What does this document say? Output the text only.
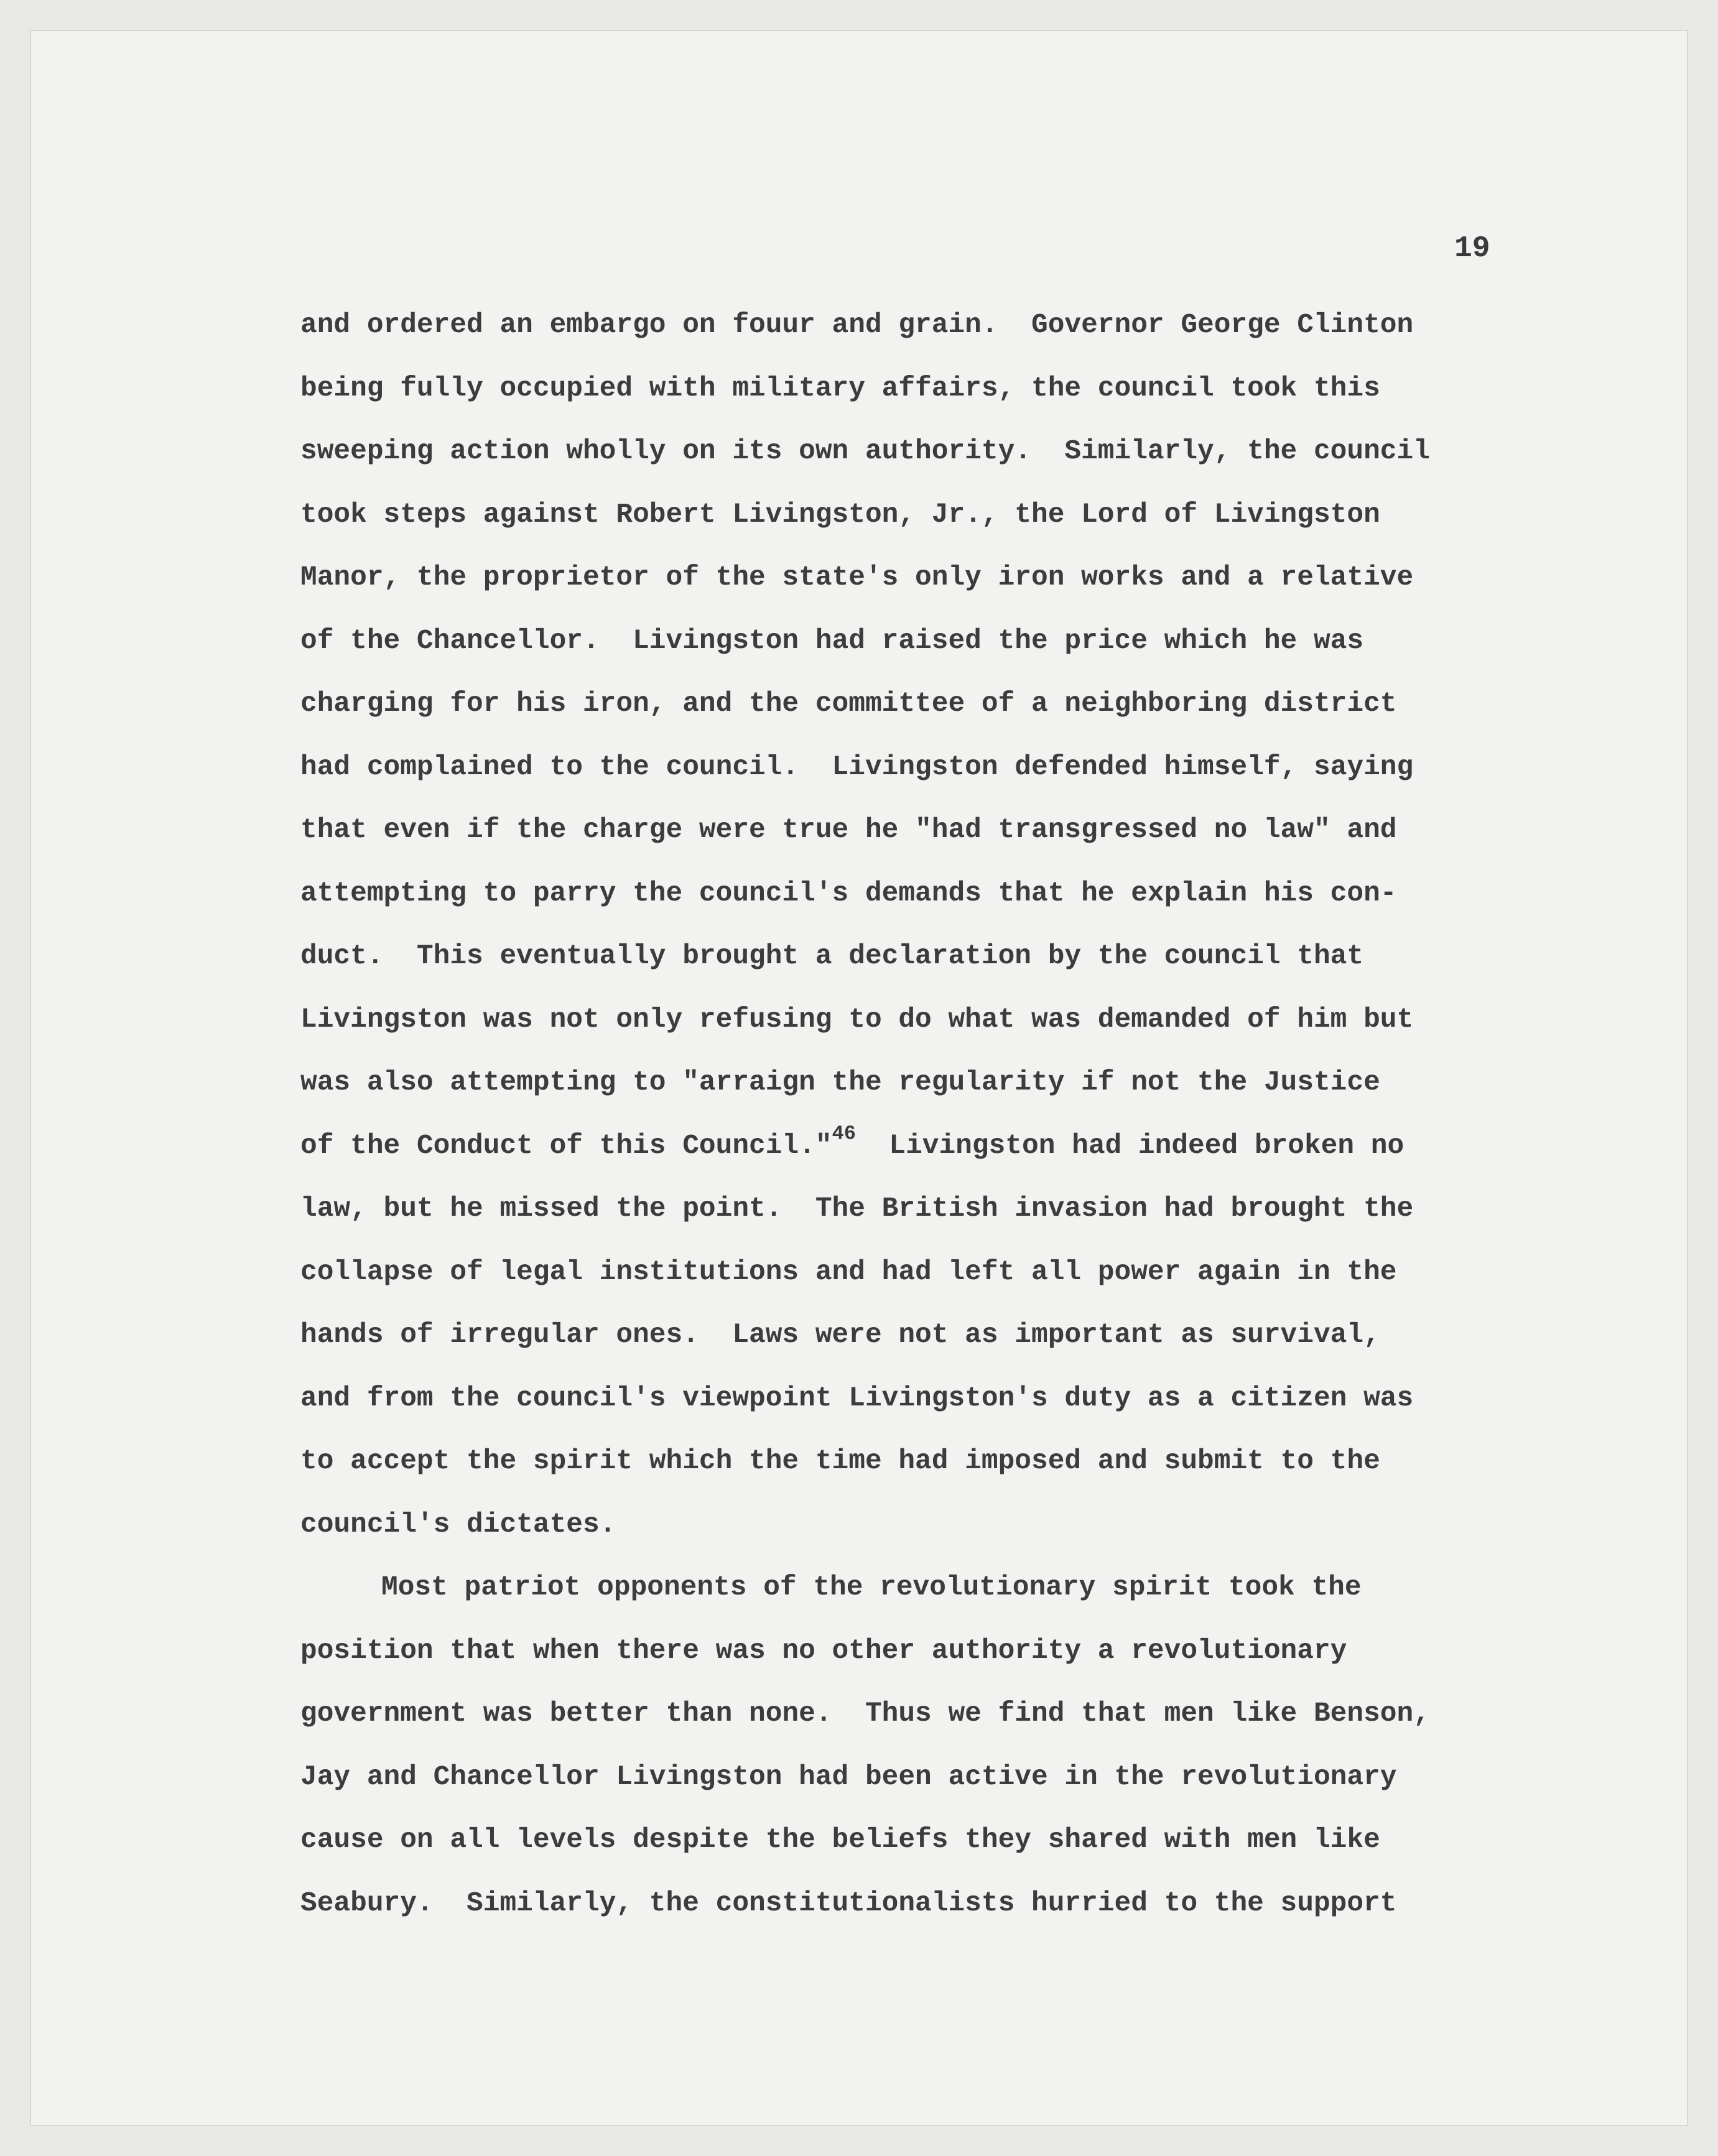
19
and ordered an embargo on fouur and grain.  Governor George Clinton
being fully occupied with military affairs, the council took this
sweeping action wholly on its own authority.  Similarly, the council
took steps against Robert Livingston, Jr., the Lord of Livingston
Manor, the proprietor of the state's only iron works and a relative
of the Chancellor.  Livingston had raised the price which he was
charging for his iron, and the committee of a neighboring district
had complained to the council.  Livingston defended himself, saying
that even if the charge were true he "had transgressed no law" and
attempting to parry the council's demands that he explain his con-
duct.  This eventually brought a declaration by the council that
Livingston was not only refusing to do what was demanded of him but
was also attempting to "arraign the regularity if not the Justice
of the Conduct of this Council."$^{46}$  Livingston had indeed broken no
law, but he missed the point.  The British invasion had brought the
collapse of legal institutions and had left all power again in the
hands of irregular ones.  Laws were not as important as survival,
and from the council's viewpoint Livingston's duty as a citizen was
to accept the spirit which the time had imposed and submit to the
council's dictates.
Most patriot opponents of the revolutionary spirit took the
position that when there was no other authority a revolutionary
government was better than none.  Thus we find that men like Benson,
Jay and Chancellor Livingston had been active in the revolutionary
cause on all levels despite the beliefs they shared with men like
Seabury.  Similarly, the constitutionalists hurried to the support
